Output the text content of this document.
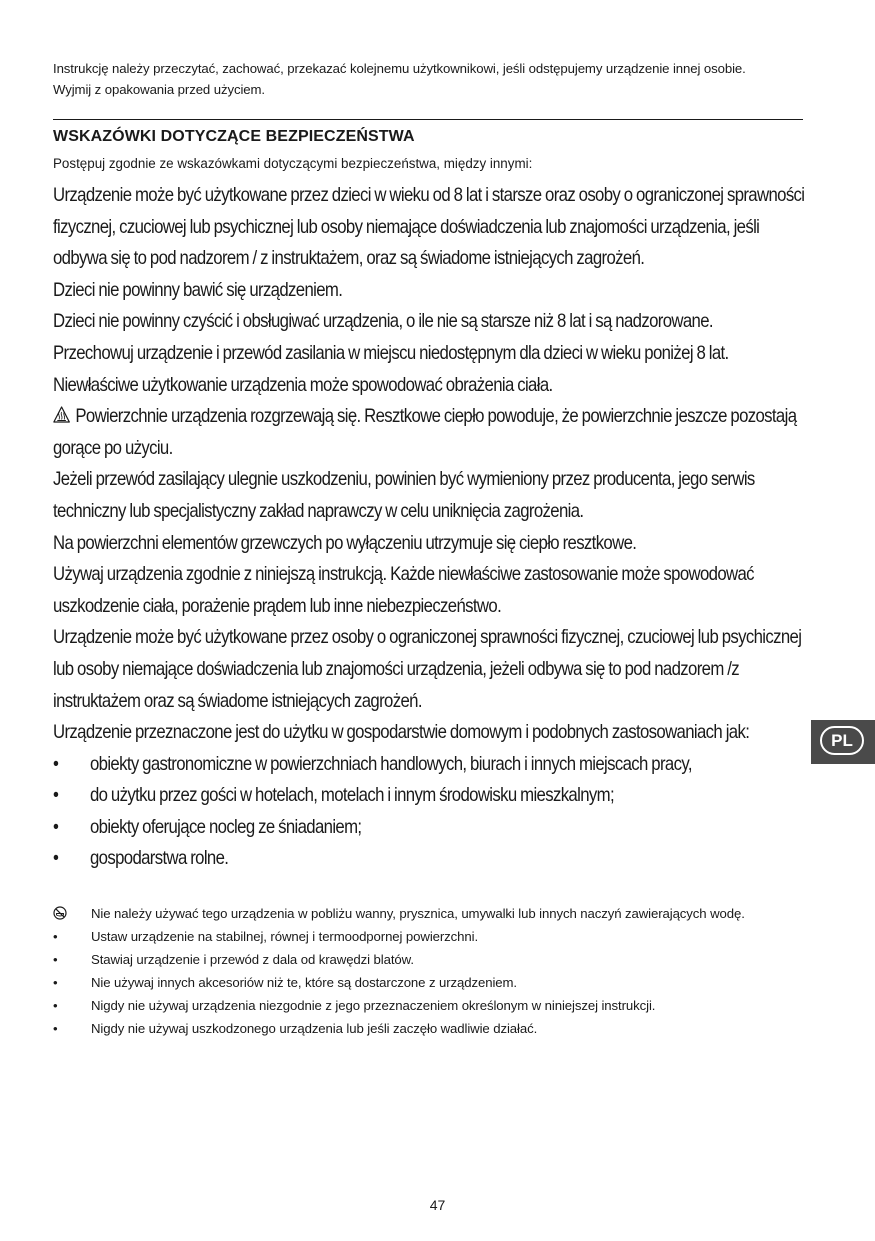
Instrukcję należy przeczytać, zachować, przekazać kolejnemu użytkownikowi, jeśli odstępujemy urządzenie innej osobie. Wyjmij z opakowania przed użyciem.
WSKAZÓWKI DOTYCZĄCE BEZPIECZEŃSTWA
Postępuj zgodnie ze wskazówkami dotyczącymi bezpieczeństwa, między innymi:

Urządzenie może być użytkowane przez dzieci w wieku od 8 lat i starsze oraz osoby o ograniczonej sprawności fizycznej, czuciowej lub psychicznej lub osoby niemające doświadczenia lub znajomości urządzenia, jeśli odbywa się to pod nadzorem / z instruktażem, oraz są świadome istniejących zagrożeń.

Dzieci nie powinny bawić się urządzeniem.

Dzieci nie powinny czyścić i obsługiwać urządzenia, o ile nie są starsze niż 8 lat i są nadzorowane.

Przechowuj urządzenie i przewód zasilania w miejscu niedostępnym dla dzieci w wieku poniżej 8 lat.

Niewłaściwe użytkowanie urządzenia może spowodować obrażenia ciała.

Powierzchnie urządzenia rozgrzewają się. Resztkowe ciepło powoduje, że powierzchnie jeszcze pozostają gorące po użyciu.

Jeżeli przewód zasilający ulegnie uszkodzeniu, powinien być wymieniony przez producenta, jego serwis techniczny lub specjalistyczny zakład naprawczy w celu uniknięcia zagrożenia.

Na powierzchni elementów grzewczych po wyłączeniu utrzymuje się ciepło resztkowe.

Używaj urządzenia zgodnie z niniejszą instrukcją. Każde niewłaściwe zastosowanie może spowodować uszkodzenie ciała, porażenie prądem lub inne niebezpieczeństwo.

Urządzenie może być użytkowane przez osoby o ograniczonej sprawności fizycznej, czuciowej lub psychicznej lub osoby niemające doświadczenia lub znajomości urządzenia, jeżeli odbywa się to pod nadzorem /z instruktażem oraz są świadome istniejących zagrożeń.

Urządzenie przeznaczone jest do użytku w gospodarstwie domowym i podobnych zastosowaniach jak:

• obiekty gastronomiczne w powierzchniach handlowych, biurach i innych miejscach pracy,
• do użytku przez gości w hotelach, motelach i innym środowisku mieszkalnym;
• obiekty oferujące nocleg ze śniadaniem;
• gospodarstwa rolne.
Nie należy używać tego urządzenia w pobliżu wanny, prysznica, umywalki lub innych naczyń zawierających wodę.
•	Ustaw urządzenie na stabilnej, równej i termoodpornej powierzchni.
•	Stawiaj urządzenie i przewód z dala od krawędzi blatów.
•	Nie używaj innych akcesoriów niż te, które są dostarczone z urządzeniem.
•	Nigdy nie używaj urządzenia niezgodnie z jego przeznaczeniem określonym w niniejszej instrukcji.
•	Nigdy nie używaj uszkodzonego urządzenia lub jeśli zaczęło wadliwie działać.
PL
47
